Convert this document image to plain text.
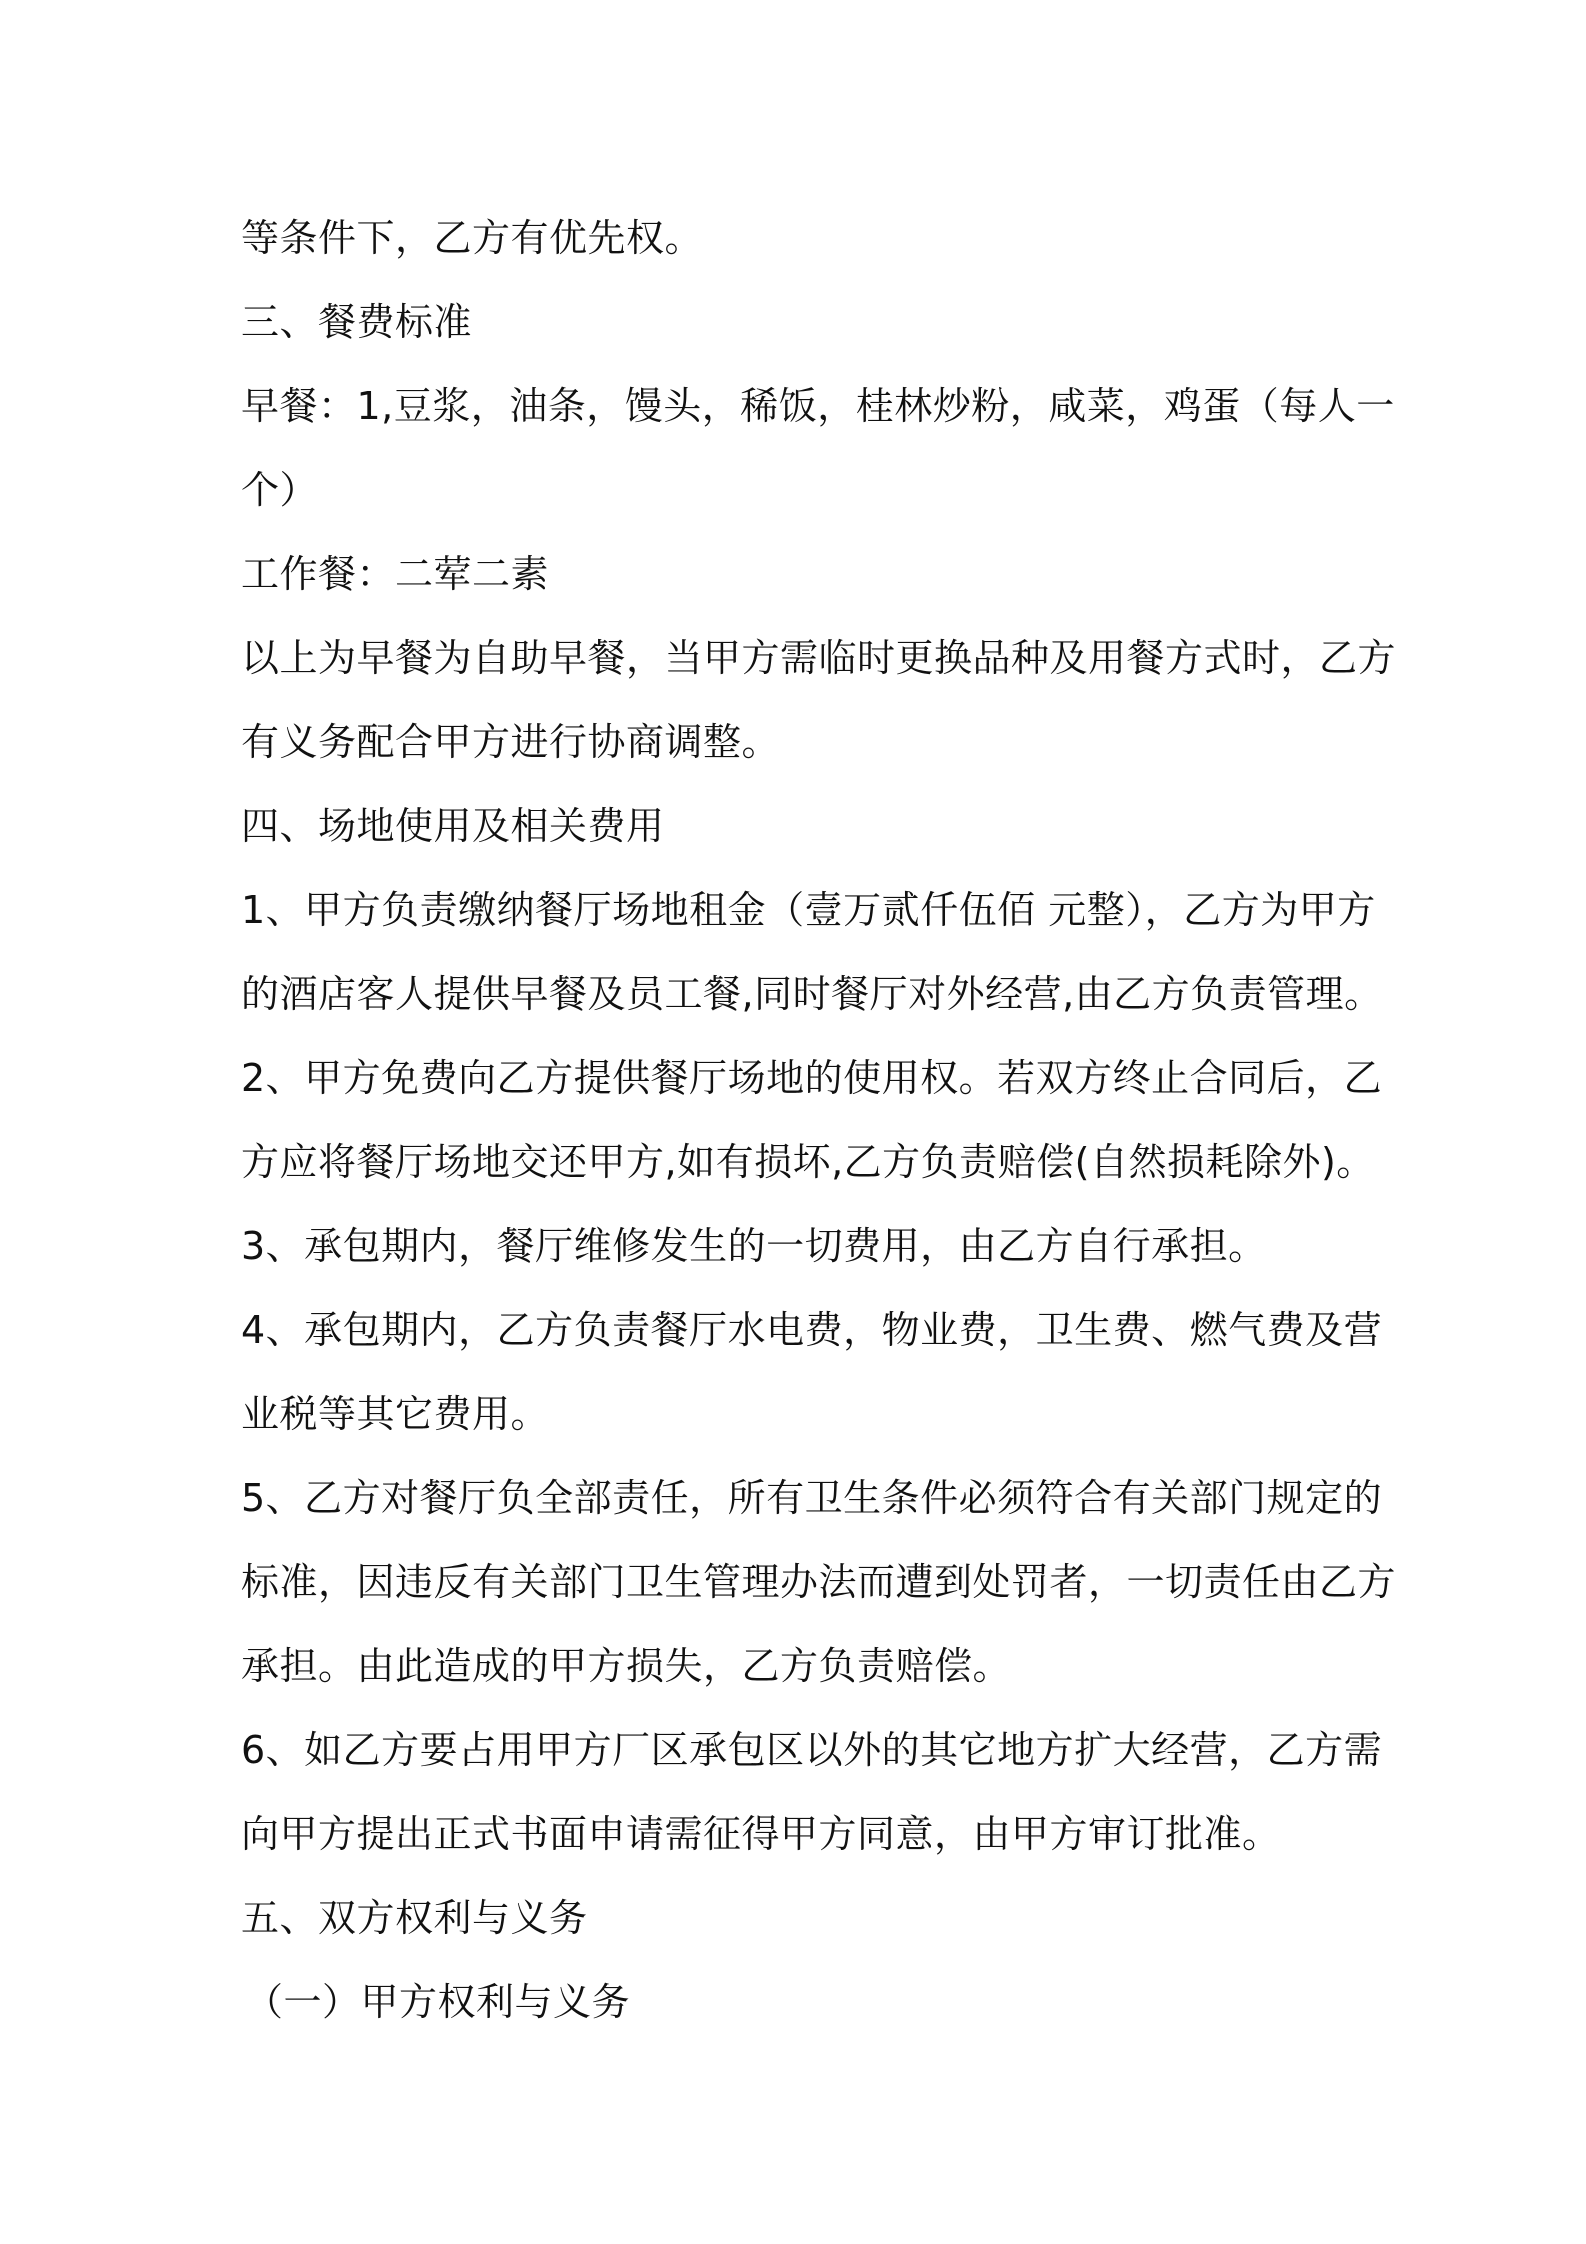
等条件下，乙方有优先权。
三、餐费标准
早餐：1,豆浆，油条，馒头，稀饭，桂林炒粉，咸菜，鸡蛋（每人一
个）
工作餐：二荤二素
以上为早餐为自助早餐，当甲方需临时更换品种及用餐方式时，乙方
有义务配合甲方进行协商调整。
四、场地使用及相关费用
1、甲方负责缴纳餐厅场地租金（壹万贰仟伍佰 元整），乙方为甲方
的酒店客人提供早餐及员工餐,同时餐厅对外经营,由乙方负责管理。
2、甲方免费向乙方提供餐厅场地的使用权。若双方终止合同后，乙
方应将餐厅场地交还甲方,如有损坏,乙方负责赔偿(自然损耗除外)。
3、承包期内，餐厅维修发生的一切费用，由乙方自行承担。
4、承包期内，乙方负责餐厅水电费，物业费，卫生费、燃气费及营
业税等其它费用。
5、乙方对餐厅负全部责任，所有卫生条件必须符合有关部门规定的
标准，因违反有关部门卫生管理办法而遭到处罚者，一切责任由乙方
承担。由此造成的甲方损失，乙方负责赔偿。
6、如乙方要占用甲方厂区承包区以外的其它地方扩大经营，乙方需
向甲方提出正式书面申请需征得甲方同意，由甲方审订批准。
五、双方权利与义务
（一）甲方权利与义务
